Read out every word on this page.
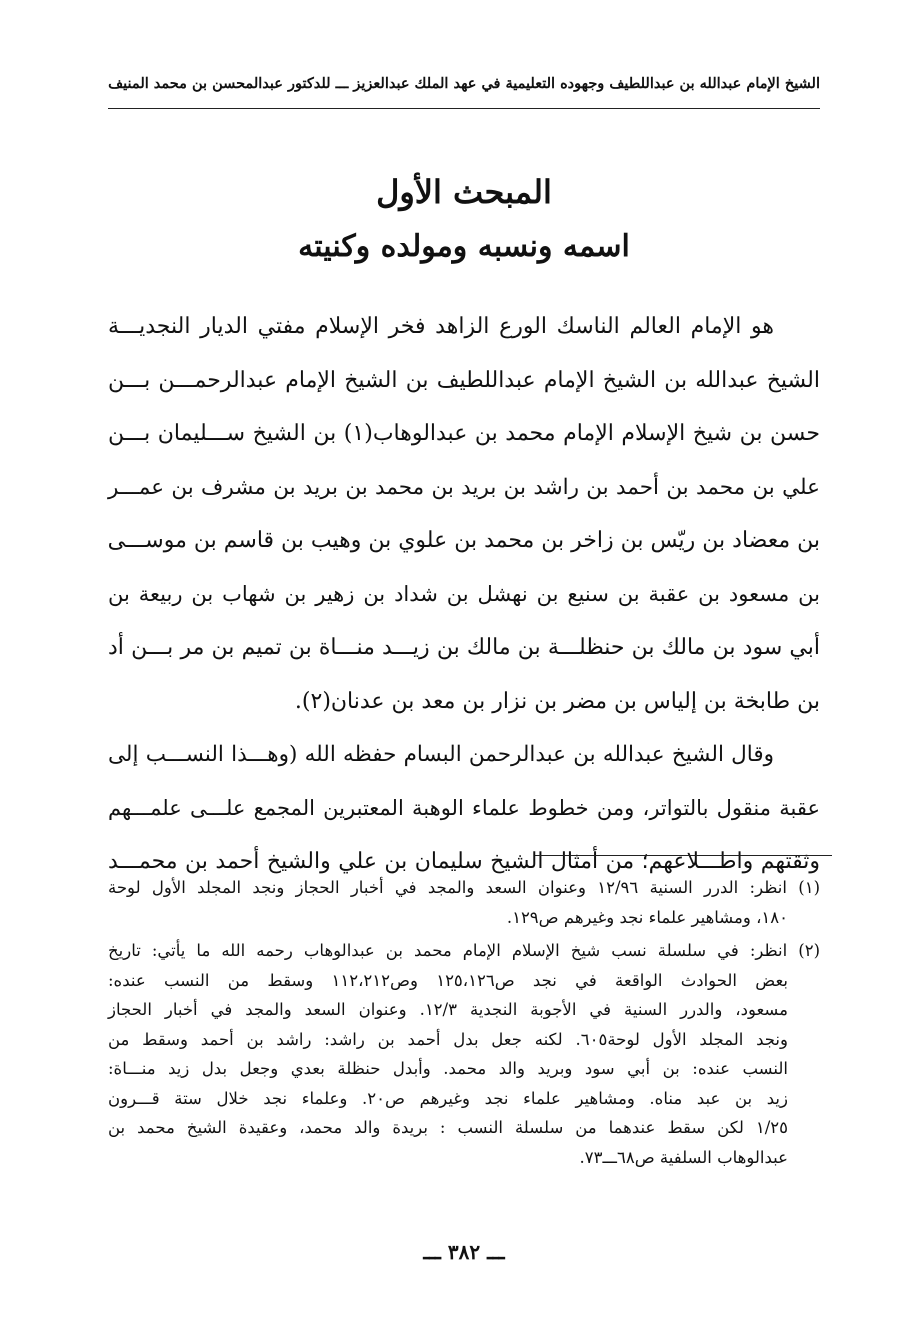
الشيخ الإمام عبدالله بن عبداللطيف وجهوده التعليمية في عهد الملك عبدالعزيز ـــ للدكتور عبدالمحسن بن محمد المنيف
المبحث الأول
اسمه ونسبه ومولده وكنيته
هو الإمام العالم الناسك الورع الزاهد فخر الإسلام مفتي الديار النجديـــة
الشيخ عبدالله بن الشيخ الإمام عبداللطيف بن الشيخ الإمام عبدالرحمـــن بـــن
حسن بن شيخ الإسلام الإمام محمد بن عبدالوهاب(١) بن الشيخ ســـليمان بـــن
علي بن محمد بن أحمد بن راشد بن بريد بن محمد بن بريد بن مشرف بن عمـــر
بن معضاد بن ريّس بن زاخر بن محمد بن علوي بن وهيب بن قاسم بن موســـى
بن مسعود بن عقبة بن سنيع بن نهشل بن شداد بن زهير بن شهاب بن ربيعة بن
أبي سود بن مالك بن حنظلـــة بن مالك بن زيـــد منـــاة بن تميم بن مر بـــن أد
بن طابخة بن إلياس بن مضر بن نزار بن معد بن عدنان(٢).
وقال الشيخ عبدالله بن عبدالرحمن البسام حفظه الله (وهـــذا النســـب إلى
عقبة منقول بالتواتر، ومن خطوط علماء الوهبة المعتبرين المجمع علـــى علمـــهم
وثقتهم واطـــلاعهم؛ من أمثال الشيخ سليمان بن علي والشيخ أحمد بن محمـــد
(١) انظر: الدرر السنية ١٢/٩٦ وعنوان السعد والمجد في أخبار الحجاز ونجد المجلد الأول لوحة
١٨٠، ومشاهير علماء نجد وغيرهم ص١٢٩.
(٢) انظر: في سلسلة نسب شيخ الإسلام الإمام محمد بن عبدالوهاب رحمه الله ما يأتي: تاريخ
بعض الحوادث الواقعة في نجد ص١٢٥،١٢٦ وص١١٢،٢١٢ وسقط من النسب عنده:
مسعود، والدرر السنية في الأجوبة النجدية ١٢/٣. وعنوان السعد والمجد في أخبار الحجاز
ونجد المجلد الأول لوحة٦٠٥. لكنه جعل بدل أحمد بن راشد: راشد بن أحمد وسقط من
النسب عنده: بن أبي سود وبريد والد محمد. وأبدل حنظلة بعدي وجعل بدل زيد منـــاة:
زيد بن عبد مناه. ومشاهير علماء نجد وغيرهم ص٢٠. وعلماء نجد خلال ستة قـــرون
١/٢٥ لكن سقط عندهما من سلسلة النسب : بريدة والد محمد، وعقيدة الشيخ محمد بن
عبدالوهاب السلفية ص٦٨ـــ٧٣.
ـــ ٣٨٢ ـــ
